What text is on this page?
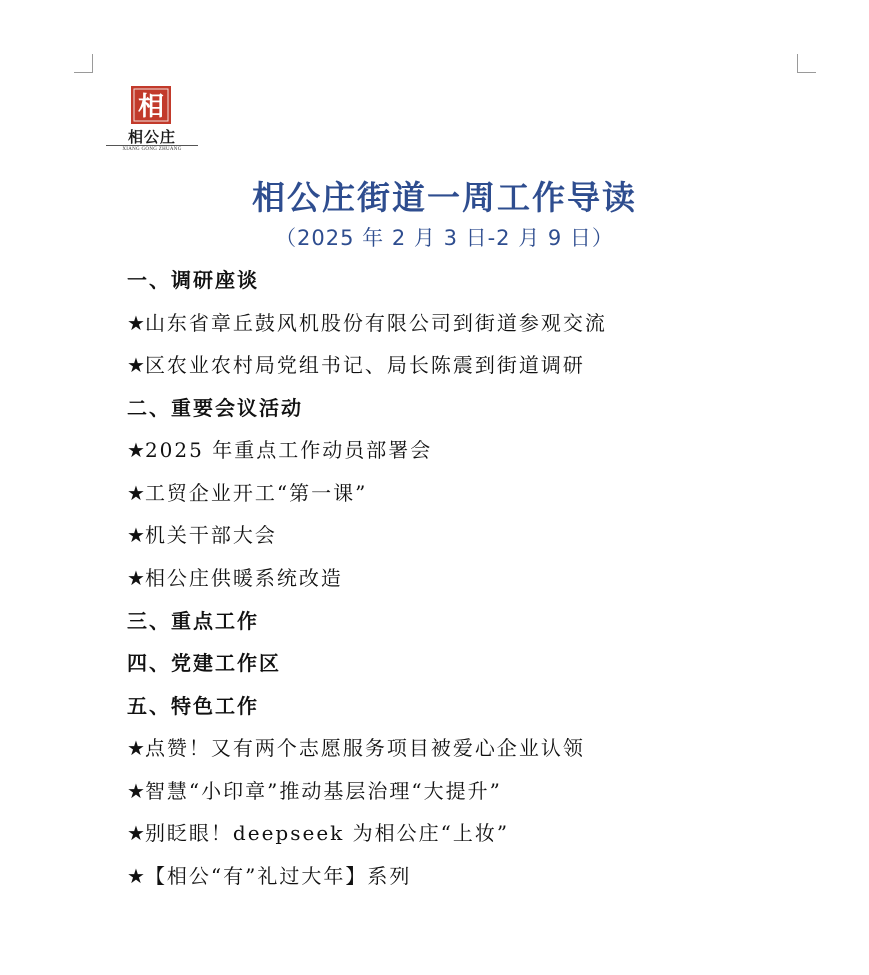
相
相公庄
XIANG GONG ZHUANG
相公庄街道一周工作导读
（2025 年 2 月 3 日-2 月 9 日）
一、调研座谈
★山东省章丘鼓风机股份有限公司到街道参观交流
★区农业农村局党组书记、局长陈震到街道调研
二、重要会议活动
★2025 年重点工作动员部署会
★工贸企业开工“第一课”
★机关干部大会
★相公庄供暖系统改造
三、重点工作
四、党建工作区
五、特色工作
★点赞！又有两个志愿服务项目被爱心企业认领
★智慧“小印章”推动基层治理“大提升”
★别眨眼！deepseek 为相公庄“上妆”
★【相公“有”礼过大年】系列
